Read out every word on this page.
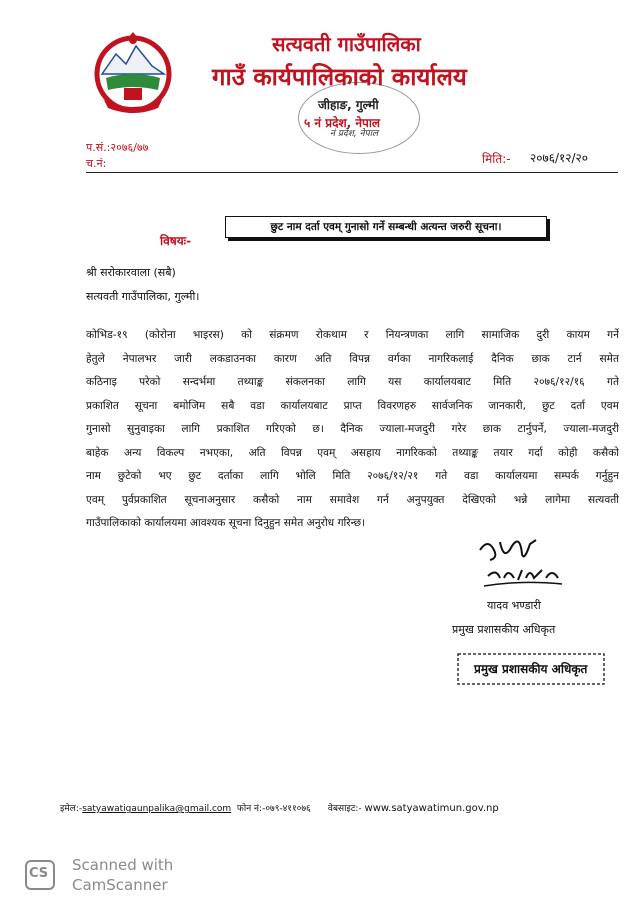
सत्यवती गाउँपालिका
गाउँ कार्यपालिकाको कार्यालय
जीहाङ, गुल्मी
५ नं प्रदेश, नेपाल
नं प्रदेश, नेपाल
प.सं.:२०७६/७७
च.नं:	मिति:- २०७६/१२/२०
विषयः-
छुट नाम दर्ता एवम् गुनासो गर्ने सम्बन्धी अत्यन्त जरुरी सूचना।
श्री सरोकारवाला (सबै)
सत्यवती गाउँपालिका, गुल्मी।
कोभिड-१९ (कोरोना भाइरस) को संक्रमण रोकथाम र नियन्त्रणका लागि सामाजिक दुरी कायम गर्ने
हेतुले नेपालभर जारी लकडाउनका कारण अति विपन्न वर्गका नागरिकलाई दैनिक छाक टार्न समेत
कठिनाइ परेको सन्दर्भमा तथ्याङ्क संकलनका लागि यस कार्यालयबाट मिति २०७६/१२/१६ गते
प्रकाशित सूचना बमोजिम सबै वडा कार्यालयबाट प्राप्त विवरणहरु सार्वजनिक जानकारी, छुट दर्ता एवम
गुनासो सुनुवाइका लागि प्रकाशित गरिएको छ। दैनिक ज्याला-मजदुरी गरेर छाक टार्नुपर्ने, ज्याला-मजदुरी
बाहेक अन्य विकल्प नभएका, अति विपन्न एवम् असहाय नागरिकको तथ्याङ्क तयार गर्दा कोही कसैको
नाम छुटेको भए छुट दर्ताका लागि भोलि मिति २०७६/१२/२१ गते वडा कार्यालयमा सम्पर्क गर्नुहुन
एवम् पुर्वप्रकाशित सूचनाअनुसार कसैको नाम समावेश गर्न अनुपयुक्त देखिएको भन्ने लागेमा सत्यवती
गाउँपालिकाको कार्यालयमा आवश्यक सूचना दिनुहुन समेत अनुरोध गरिन्छ।
यादव भण्डारी
प्रमुख प्रशासकीय अधिकृत
प्रमुख प्रशासकीय अधिकृत
इमेल:-satyawatigaunpalika@gmail.com फोन नं:-०७९-४११०७६ वेबसाइट:- www.satyawatimun.gov.np
CS Scanned with
CamScanner
